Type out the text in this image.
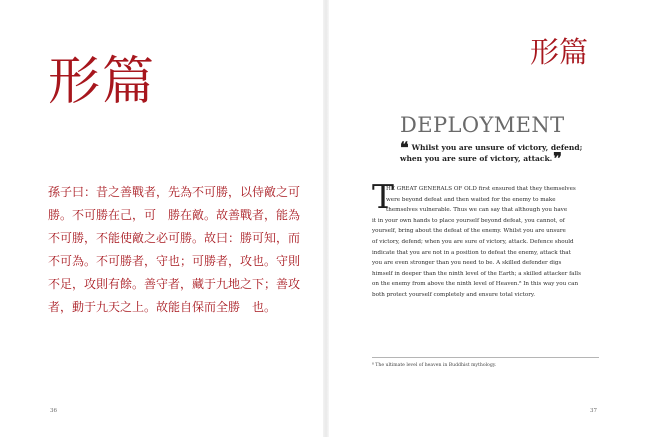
形篇
孫子曰：昔之善戰者，先為不可勝，以侍敵之可
勝。不可勝在己，可　勝在敵。故善戰者，能為
不可勝，不能使敵之必可勝。故曰：勝可知，而
不可為。不可勝者，守也；可勝者，攻也。守則
不足，攻則有餘。善守者，藏于九地之下；善攻
者，動于九天之上。故能自保而全勝　也。
36
形篇
DEPLOYMENT
❝ Whilst you are unsure of victory, defend;
when you are sure of victory, attack.❞
T
HE GREAT GENERALS OF OLD first ensured that they themselves
were beyond defeat and then waited for the enemy to make
themselves vulnerable. Thus we can say that although you have
it in your own hands to place yourself beyond defeat, you cannot, of
yourself, bring about the defeat of the enemy. Whilst you are unsure
of victory, defend; when you are sure of victory, attack. Defence should
indicate that you are not in a position to defeat the enemy, attack that
you are even stronger than you need to be. A skilled defender digs
himself in deeper than the ninth level of the Earth; a skilled attacker falls
on the enemy from above the ninth level of Heaven.⁸ In this way you can
both protect yourself completely and ensure total victory.
⁸ The ultimate level of heaven in Buddhist mythology.
37
